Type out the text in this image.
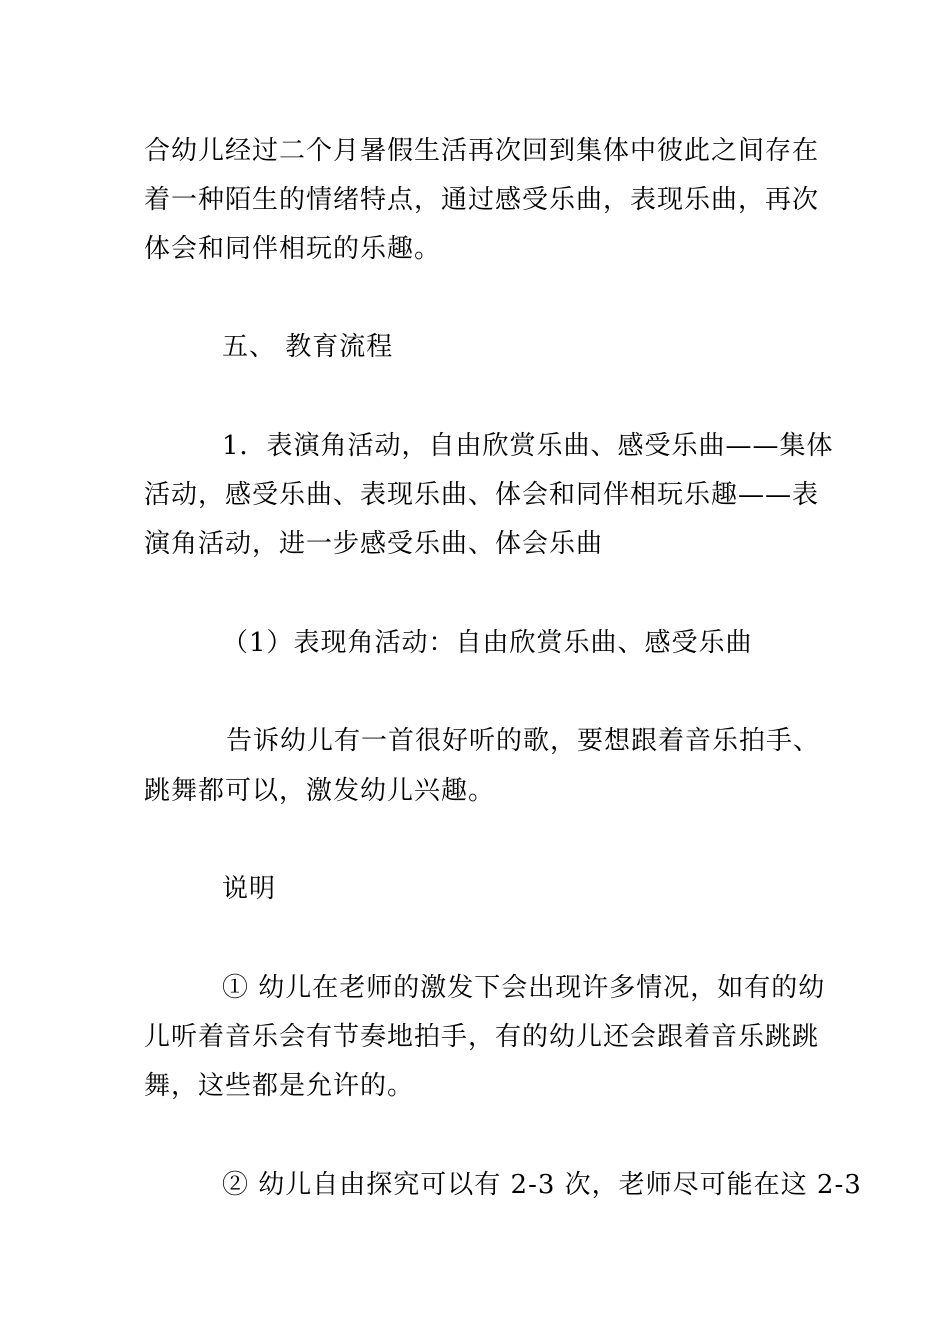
合幼儿经过二个月暑假生活再次回到集体中彼此之间存在
着一种陌生的情绪特点，通过感受乐曲，表现乐曲，再次
体会和同伴相玩的乐趣。
五、 教育流程
1．表演角活动，自由欣赏乐曲、感受乐曲——集体
活动，感受乐曲、表现乐曲、体会和同伴相玩乐趣——表
演角活动，进一步感受乐曲、体会乐曲
（1）表现角活动：自由欣赏乐曲、感受乐曲
告诉幼儿有一首很好听的歌，要想跟着音乐拍手、
跳舞都可以，激发幼儿兴趣。
说明
① 幼儿在老师的激发下会出现许多情况，如有的幼
儿听着音乐会有节奏地拍手，有的幼儿还会跟着音乐跳跳
舞，这些都是允许的。
② 幼儿自由探究可以有 2-3 次，老师尽可能在这 2-3
